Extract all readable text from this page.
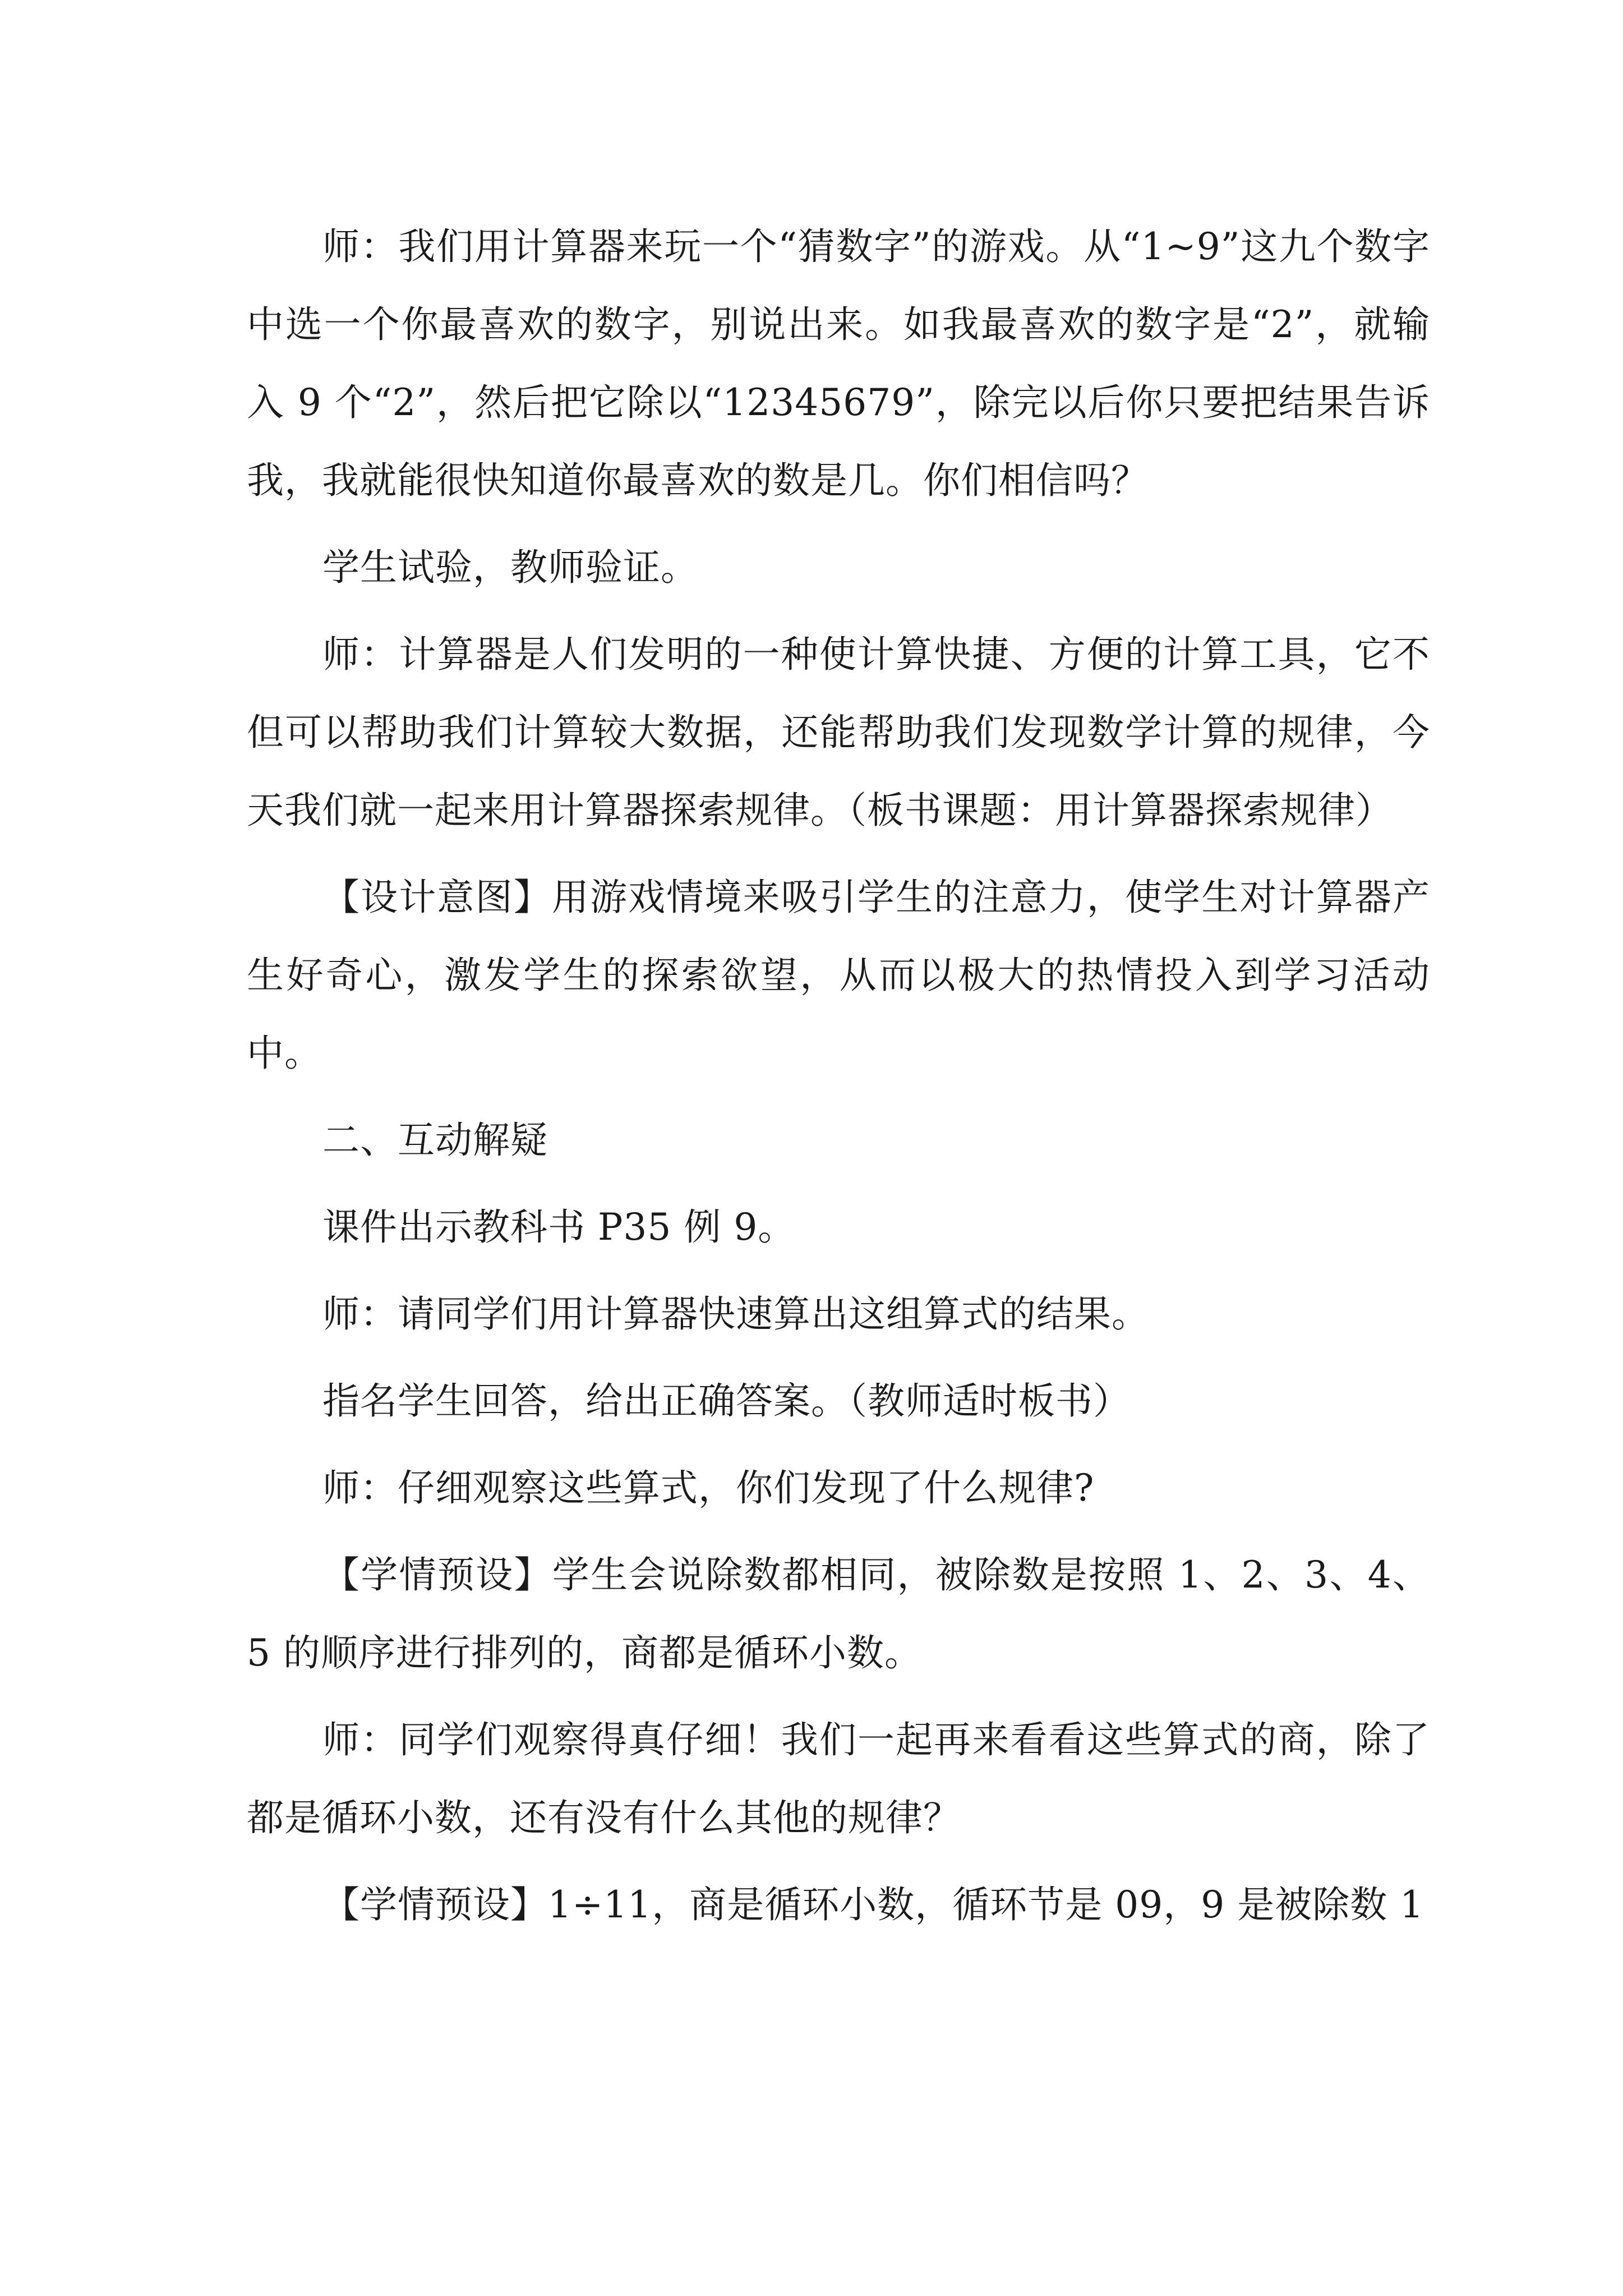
师：我们用计算器来玩一个“猜数字”的游戏。从“1~9”这九个数字中选一个你最喜欢的数字，别说出来。如我最喜欢的数字是“2”，就输入 9 个“2”，然后把它除以“12345679”，除完以后你只要把结果告诉我，我就能很快知道你最喜欢的数是几。你们相信吗？

学生试验，教师验证。

师：计算器是人们发明的一种使计算快捷、方便的计算工具，它不但可以帮助我们计算较大数据，还能帮助我们发现数学计算的规律，今天我们就一起来用计算器探索规律。（板书课题：用计算器探索规律）

【设计意图】用游戏情境来吸引学生的注意力，使学生对计算器产生好奇心，激发学生的探索欲望，从而以极大的热情投入到学习活动中。

二、互动解疑

课件出示教科书 P35 例 9。

师：请同学们用计算器快速算出这组算式的结果。

指名学生回答，给出正确答案。（教师适时板书）

师：仔细观察这些算式，你们发现了什么规律?

【学情预设】学生会说除数都相同，被除数是按照 1、2、3、4、5 的顺序进行排列的，商都是循环小数。

师：同学们观察得真仔细！我们一起再来看看这些算式的商，除了都是循环小数，还有没有什么其他的规律？

【学情预设】1÷11，商是循环小数，循环节是 09，9 是被除数 1
